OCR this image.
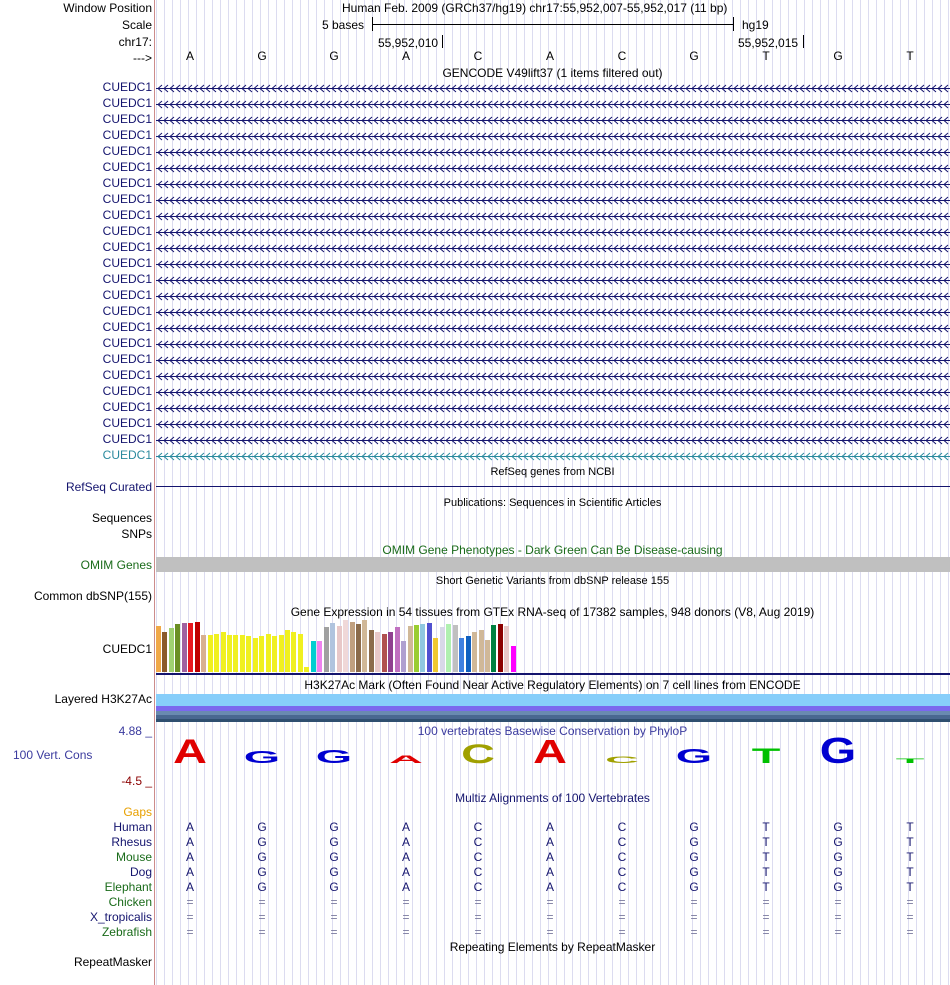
Window Position	Human Feb. 2009 (GRCh37/hg19) chr17:55,952,007-55,952,017 (11 bp)
Scale	5 bases	hg19
chr17:	55,952,010	55,952,015
--->	A	G	G	A	C	A	C	G	T	G	T
GENCODE V49lift37 (1 items filtered out)
CUEDC1
CUEDC1
CUEDC1
CUEDC1
CUEDC1
CUEDC1
CUEDC1
CUEDC1
CUEDC1
CUEDC1
CUEDC1
CUEDC1
CUEDC1
CUEDC1
CUEDC1
CUEDC1
CUEDC1
CUEDC1
CUEDC1
CUEDC1
CUEDC1
CUEDC1
CUEDC1
CUEDC1
RefSeq genes from NCBI
RefSeq Curated
Publications: Sequences in Scientific Articles
Sequences
SNPs
OMIM Gene Phenotypes - Dark Green Can Be Disease-causing
OMIM Genes
Short Genetic Variants from dbSNP release 155
Common dbSNP(155)
Gene Expression in 54 tissues from GTEx RNA-seq of 17382 samples, 948 donors (V8, Aug 2019)
CUEDC1
H3K27Ac Mark (Often Found Near Active Regulatory Elements) on 7 cell lines from ENCODE
Layered H3K27Ac
100 vertebrates Basewise Conservation by PhyloP
4.88 _
100 Vert. Cons
-4.5 _
A G G A C A C G T G T
Multiz Alignments of 100 Vertebrates
Gaps
Human	A	G	G	A	C	A	C	G	T	G	T
Rhesus	A	G	G	A	C	A	C	G	T	G	T
Mouse	A	G	G	A	C	A	C	G	T	G	T
Dog	A	G	G	A	C	A	C	G	T	G	T
Elephant	A	G	G	A	C	A	C	G	T	G	T
Chicken	=	=	=	=	=	=	=	=	=	=	=
X_tropicalis	=	=	=	=	=	=	=	=	=	=	=
Zebrafish	=	=	=	=	=	=	=	=	=	=	=
Repeating Elements by RepeatMasker
RepeatMasker
